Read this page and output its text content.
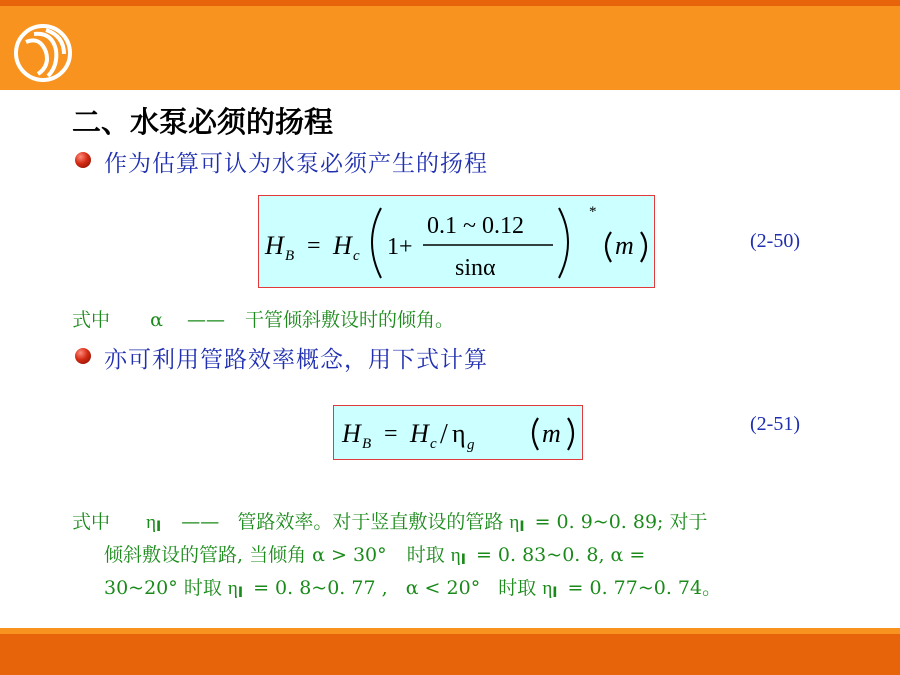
二、水泵必须的扬程
作为估算可认为水泵必须产生的扬程
H B = H c 1+
0.1 ~ 0.12
sinα
*
m	(2-50)
式中 α —— 干管倾斜敷设时的倾角。
亦可利用管路效率概念，用下式计算
H B = H c / η g	m	(2-51)
式中 ηI —— 管路效率。对于竖直敷设的管路 ηI = 0. 9~0. 89; 对于
倾斜敷设的管路, 当倾角 α > 30° 时取 ηI = 0. 83~0. 8, α =
30~20° 时取 ηI = 0. 8~0. 77 , α < 20° 时取 ηI = 0. 77~0. 74。
